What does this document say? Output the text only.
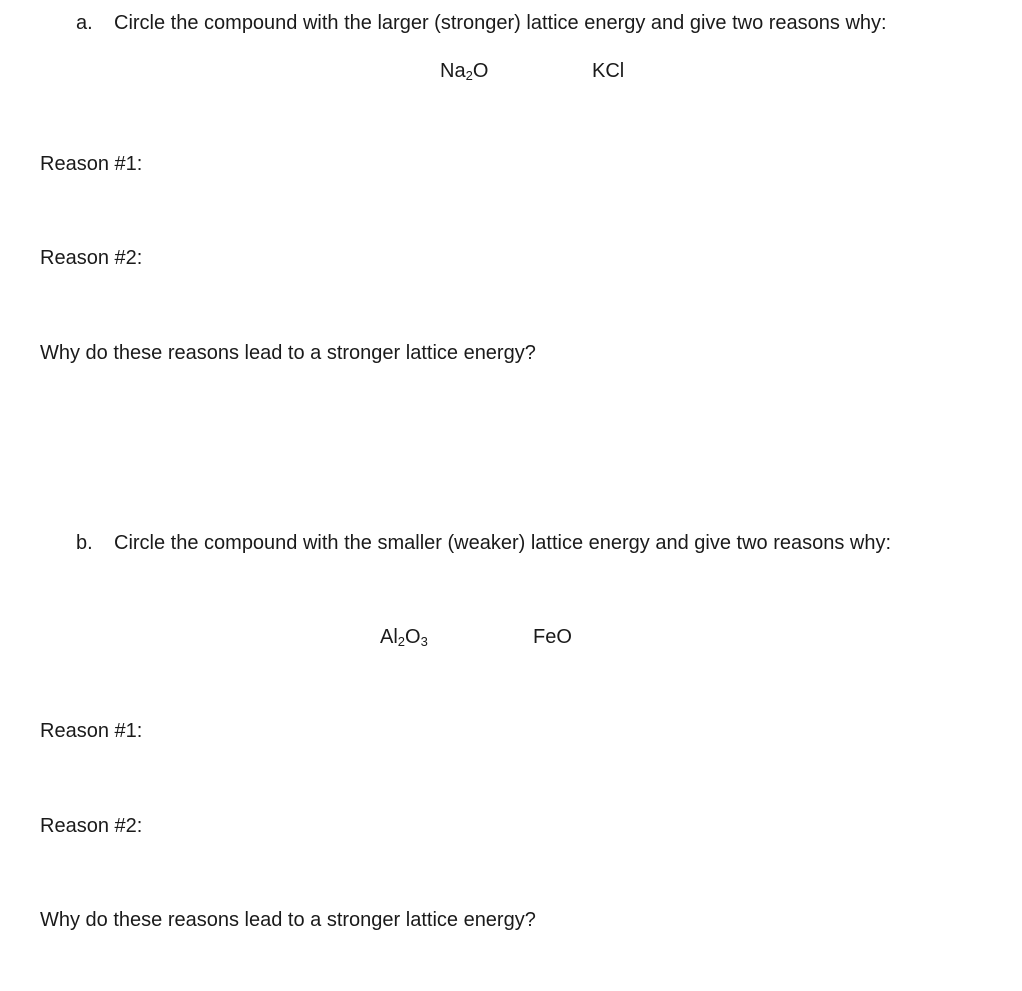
a. Circle the compound with the larger (stronger) lattice energy and give two reasons why:
$Na_2O$	KCl
Reason #1:
Reason #2:
Why do these reasons lead to a stronger lattice energy?
b. Circle the compound with the smaller (weaker) lattice energy and give two reasons why:
$Al_2O_3$	FeO
Reason #1:
Reason #2:
Why do these reasons lead to a stronger lattice energy?
